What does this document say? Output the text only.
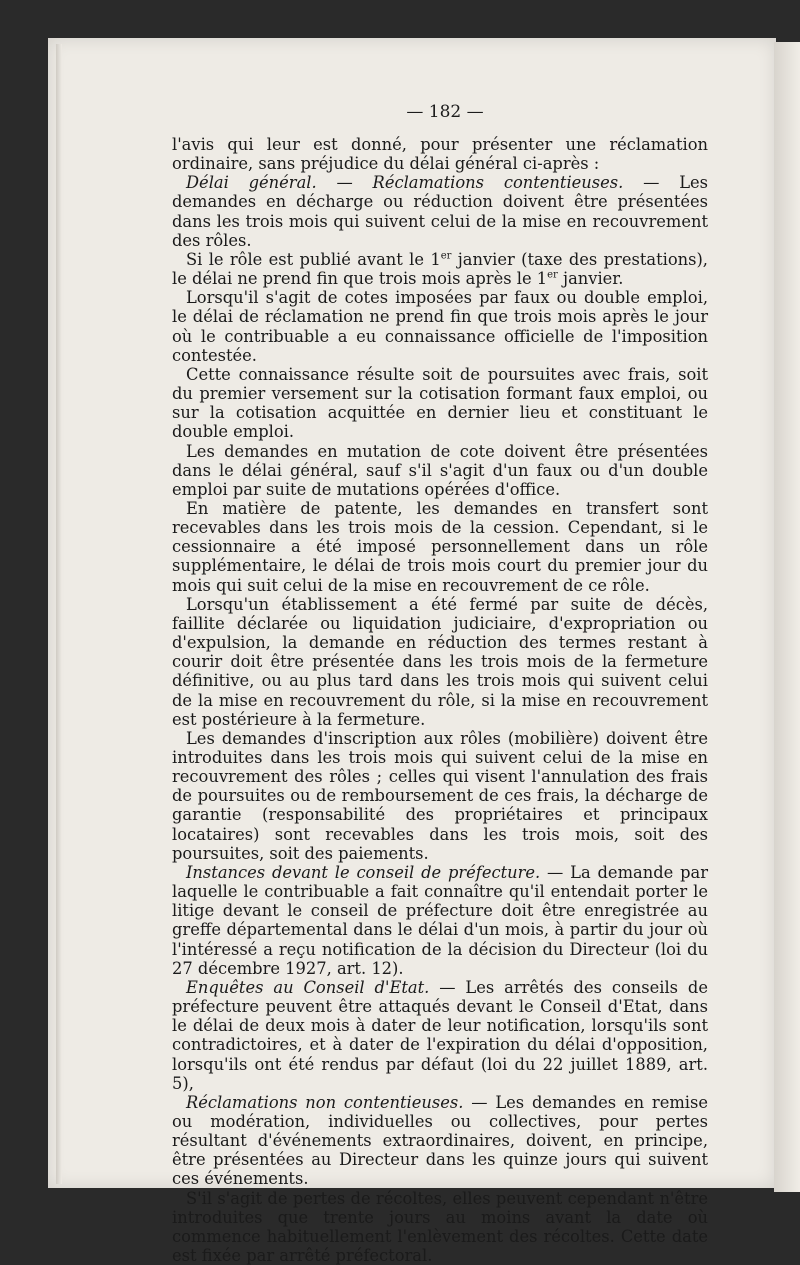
— 182 —

l'avis qui leur est donné, pour présenter une réclamation ordinaire, sans préjudice du délai général ci-après :

Délai général. — Réclamations contentieuses. — Les demandes en décharge ou réduction doivent être présentées dans les trois mois qui suivent celui de la mise en recouvrement des rôles.

Si le rôle est publié avant le 1er janvier (taxe des prestations), le délai ne prend fin que trois mois après le 1er janvier.

Lorsqu'il s'agit de cotes imposées par faux ou double emploi, le délai de réclamation ne prend fin que trois mois après le jour où le contribuable a eu connaissance officielle de l'imposition contestée.

Cette connaissance résulte soit de poursuites avec frais, soit du premier versement sur la cotisation formant faux emploi, ou sur la cotisation acquittée en dernier lieu et constituant le double emploi.

Les demandes en mutation de cote doivent être présentées dans le délai général, sauf s'il s'agit d'un faux ou d'un double emploi par suite de mutations opérées d'office.

En matière de patente, les demandes en transfert sont recevables dans les trois mois de la cession. Cependant, si le cessionnaire a été imposé personnellement dans un rôle supplémentaire, le délai de trois mois court du premier jour du mois qui suit celui de la mise en recouvrement de ce rôle.

Lorsqu'un établissement a été fermé par suite de décès, faillite déclarée ou liquidation judiciaire, d'expropriation ou d'expulsion, la demande en réduction des termes restant à courir doit être présentée dans les trois mois de la fermeture définitive, ou au plus tard dans les trois mois qui suivent celui de la mise en recouvrement du rôle, si la mise en recouvrement est postérieure à la fermeture.

Les demandes d'inscription aux rôles (mobilière) doivent être introduites dans les trois mois qui suivent celui de la mise en recouvrement des rôles ; celles qui visent l'annulation des frais de poursuites ou de remboursement de ces frais, la décharge de garantie (responsabilité des propriétaires et principaux locataires) sont recevables dans les trois mois, soit des poursuites, soit des paiements.

Instances devant le conseil de préfecture. — La demande par laquelle le contribuable a fait connaître qu'il entendait porter le litige devant le conseil de préfecture doit être enregistrée au greffe départemental dans le délai d'un mois, à partir du jour où l'intéressé a reçu notification de la décision du Directeur (loi du 27 décembre 1927, art. 12).

Enquêtes au Conseil d'Etat. — Les arrêtés des conseils de préfecture peuvent être attaqués devant le Conseil d'Etat, dans le délai de deux mois à dater de leur notification, lorsqu'ils sont contradictoires, et à dater de l'expiration du délai d'opposition, lorsqu'ils ont été rendus par défaut (loi du 22 juillet 1889, art. 5),

Réclamations non contentieuses. — Les demandes en remise ou modération, individuelles ou collectives, pour pertes résultant d'événements extraordinaires, doivent, en principe, être présentées au Directeur dans les quinze jours qui suivent ces événements.

S'il s'agit de pertes de récoltes, elles peuvent cependant n'être introduites que trente jours au moins avant la date où commence habituellement l'enlèvement des récoltes. Cette date est fixée par arrêté préfectoral.
